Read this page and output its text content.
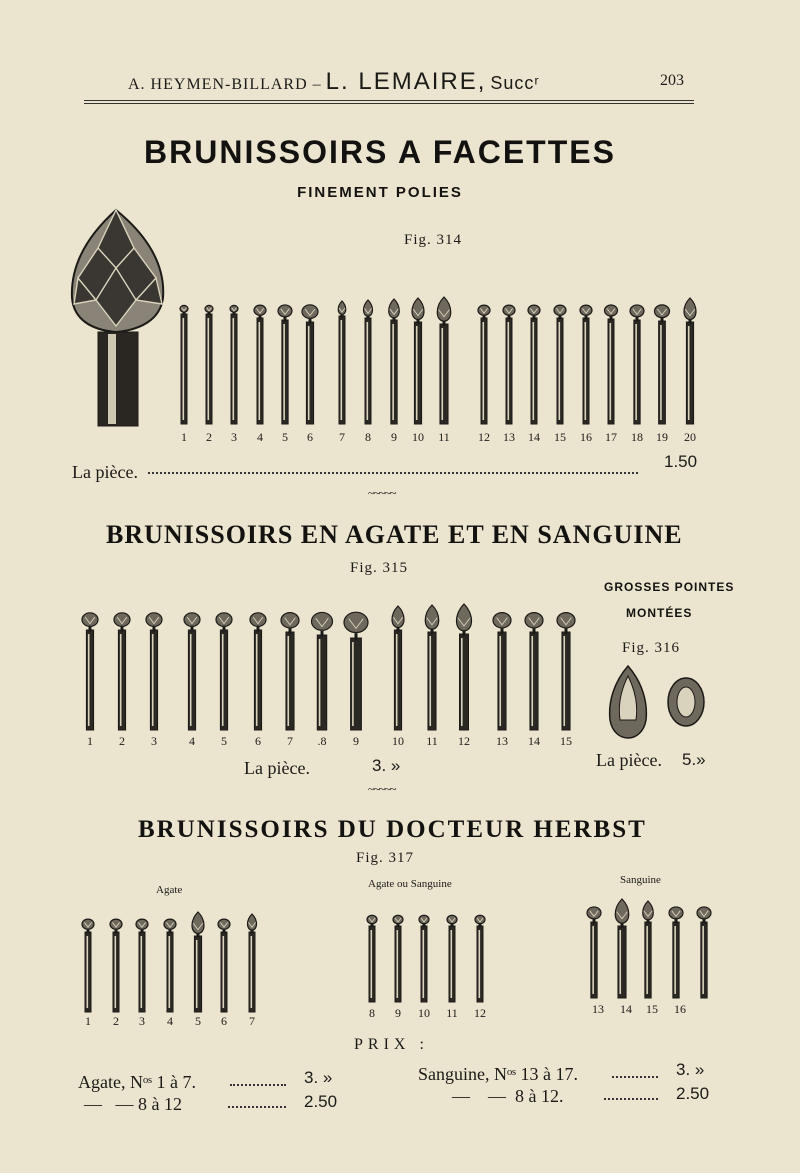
A. HEYMEN-BILLARD – L. LEMAIRE, Succʳ	203
BRUNISSOIRS A FACETTES
FINEMENT POLIES
Fig. 314
1	2	3	4	5	6	7	8	9	10	11	12	13	14	15	16	17	18	19	20
La pièce.
1.50
~~~~~
BRUNISSOIRS EN AGATE ET EN SANGUINE
Fig. 315
1	2	3	4	5	6	7	.8	9	10	11	12	13	14	15
La pièce.	3. »
GROSSES POINTES
MONTÉES
Fig. 316
La pièce. 5.»
~~~~~
BRUNISSOIRS DU DOCTEUR HERBST
Fig. 317
Agate	Agate ou Sanguine	Sanguine
1	2	3	4	5	6	7
8	9	10	11	12	13	14	15	16
PRIX :
Agate, Nᵒˢ 1 à 7.	3. »
—   — 8 à 12	2.50
Sanguine, Nᵒˢ 13 à 17.	3. »
—    —  8 à 12.	2.50
